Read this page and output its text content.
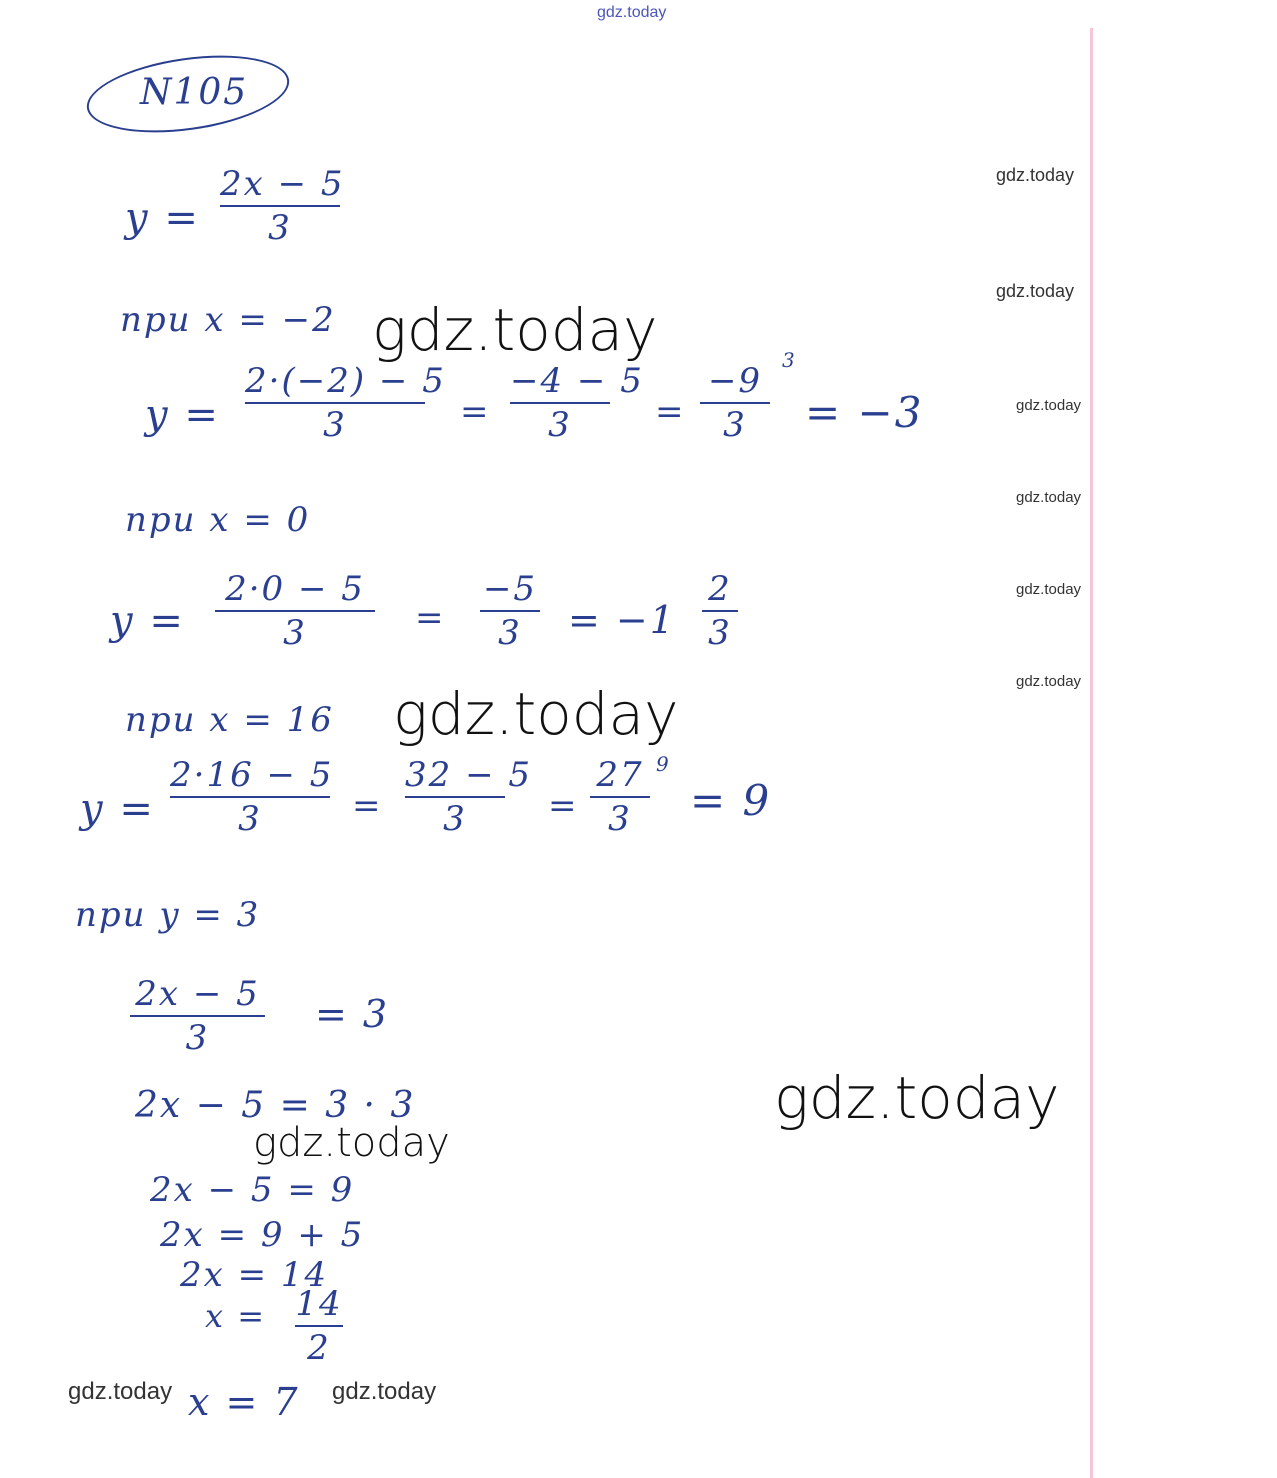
gdz.today
N105
y =
2x − 5
3
при x = −2
y =
2·(−2) − 5
3	=
−4 − 5
3	=
−9
3
3
= −3
при x = 0
y =
2·0 − 5
3	=
−5
3	= −1
2
3
при x = 16
y =
2·16 − 5
3	=
32 − 5
3	=
27
3
9
= 9
при y = 3
2x − 5
3
= 3
2x − 5 = 3 · 3
2x − 5 = 9
2x = 9 + 5
2x = 14
x = 14
2
x = 7
gdz.today
gdz.today
gdz.today
gdz.today
gdz.today
gdz.today
gdz.today
gdz.today
gdz.today
gdz.today
gdz.today	gdz.today
